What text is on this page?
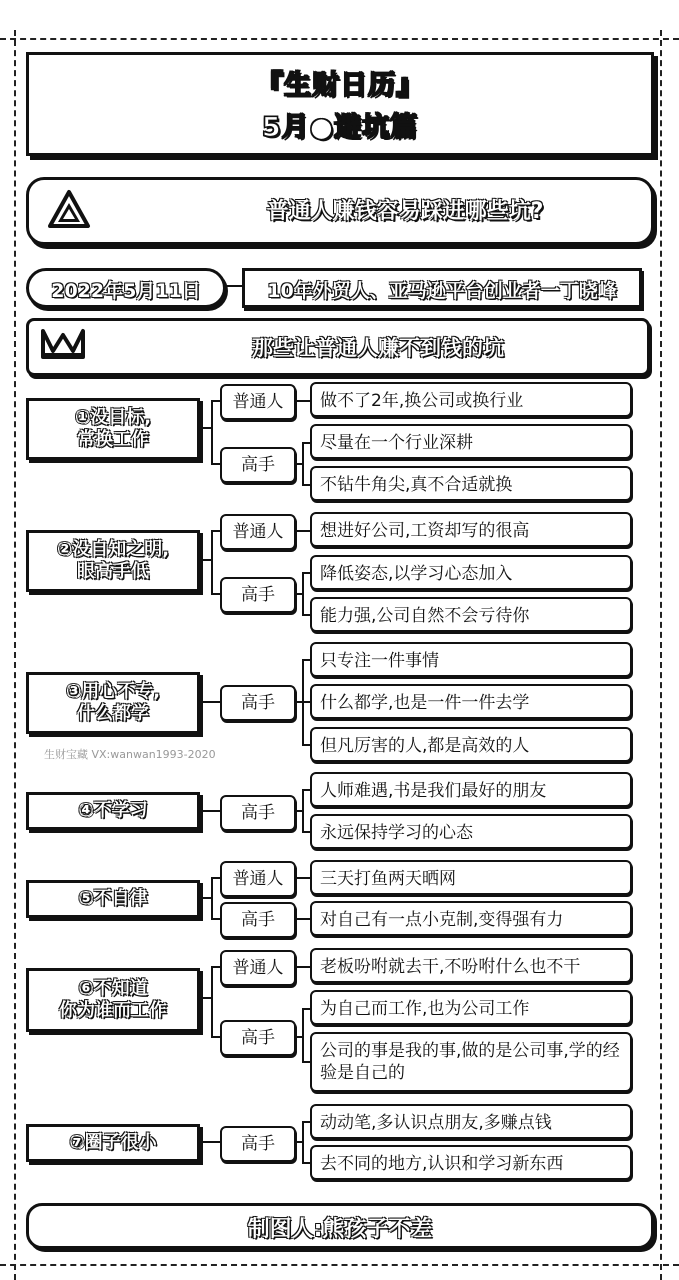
『生财日历』
5月●避坑篇
普通人赚钱容易踩进哪些坑?
2022年5月11日	10年外贸人、亚马逊平台创业者一丁晓峰
那些让普通人赚不到钱的坑
①没目标,
常换工作
普通人
高手
做不了2年,换公司或换行业
尽量在一个行业深耕
不钻牛角尖,真不合适就换
②没自知之明,
眼高手低
普通人
高手
想进好公司,工资却写的很高
降低姿态,以学习心态加入
能力强,公司自然不会亏待你
③用心不专,
什么都学	高手
只专注一件事情
什么都学,也是一件一件去学
但凡厉害的人,都是高效的人
生财宝藏 VX:wanwan1993-2020
④不学习	高手
人师难遇,书是我们最好的朋友
永远保持学习的心态
⑤不自律
普通人
高手
三天打鱼两天晒网
对自己有一点小克制,变得强有力
⑥不知道
你为谁而工作
普通人
高手
老板吩咐就去干,不吩咐什么也不干
为自己而工作,也为公司工作
公司的事是我的事,做的是公司事,学的经验是自己的
⑦圈子很小	高手
动动笔,多认识点朋友,多赚点钱
去不同的地方,认识和学习新东西
制图人:熊孩子不差
